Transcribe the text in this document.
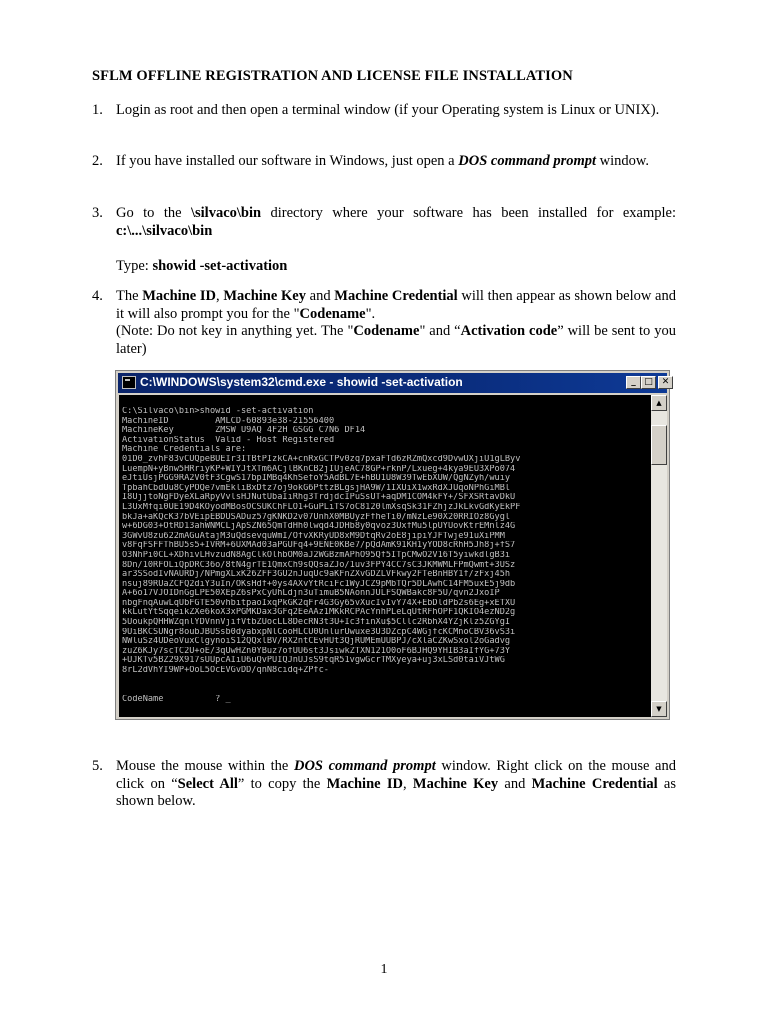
SFLM OFFLINE REGISTRATION AND LICENSE FILE INSTALLATION
1. Login as root and then open a terminal window (if your Operating system is Linux or UNIX).

2. If you have installed our software in Windows, just open a DOS command prompt window.

3. Go to the \silvaco\bin directory where your software has been installed for example: c:\...\silvaco\bin

Type: showid -set-activation

4. The Machine ID, Machine Key and Machine Credential will then appear as shown below and it will also prompt you for the "Codename".

(Note: Do not key in anything yet. The "Codename" and “Activation code” will be sent to you later)

C:\WINDOWS\system32\cmd.exe - showid -set-activation	_ □ ✕
C:\Silvaco\bin>showid -set-activation
MachineID         AMLCD-60893e38-21556400
MachineKey        ZMSW U9AQ 4F2H GSGG C7N6 DF14
ActivationStatus  Valid - Host Registered
Machine Credentials are:
01D0_zvhF83vCUQpeBUEIr3ITBtPIzkCA+cnRxGCTPv0zq7pxaFTd6zRZmQxcd9DvwUXjiU1gLByv
LuempN+yBnw5HRriyKP+WIYJtXTm6ACjlBKnCB2jIUjeAC78GP+rknP/Lxueg+4kya9EU3XPo074
eJtiUsjPGG9RA2V0tF3CgwS17bpIMBq4KhSefoY5AdBL7E+hBU1U8W39TwEbXUW/QgNZyh/wuiy
TpbahCbdUu8CyPOQe7vmEkliBxDtz7oj9okG6PttzBLgsjHA9W/1IXUiX1wxRdXJUqoNPhGiMBl
I8UjjtoNgFDyeXLaRpyVvlsHJNutUbaIiRhg3TrdjdcIPuSsUT+aqDM1COM4kFY+/SFXSRtavDkU
L3UxMfqi0UE19D4KOyodMBosOCSUKChFLO1+GuPLiTS7oC8120lmXsqSk31FZhjzJkLkvGdKyEkPF
bkJa+aKQcK37bVEipEBDUSADuz57gKNKD2v07UnhX0MBUyzFfheTi0/mNzLe90X20RRIOz8Gygl
w+6DG03+OtRD13ahWNMCLjApSZN65QmTdHh0lwqd4JDHb8y0qvoz3UxfMu5lpUYUovKtrEMnlz4G
3GWvU8zu622mAGuAtajM3uQdsevquWmI/OfvXKRyUD8xM9DtqRv2oE8jipiYJFTwje91uXiPMM
v8FqFSFFThBU5s5+IVRM+6UXMAd03aPGUFq4+9ENE0KBe7/pQdAmK91KH1yYOD8cRhH5Jh8j+fS7
O3NhPi0CL+XDhivLHvzudN8AgClkOlhbOM0aJ2WGBzmAPhO95Qf5ITpCMwO2V16T5yiwkdlgB3i
8Dn/10RFOLiQpDRC36o/8tN4grTE1QmxCh9sQQsaZJo/1uv3FPY4CC7sC3JKMWMLFPmQwmt+3USz
ar3SSodIvNAURDj/NPmgXLxK26ZFF3GU2nJuqUc9aKFnZXvGDZLVFkwy2FTeBnHBY1f/zFxj45h
nsuj89RUaZCFQ2diY3uIn/OKsHdf+0ys4AXvYtRciFc1WyJCZ9pMbTQr5DLAwhC14FM5uxE5j9db
A+6o17VJOIDnGgLPE50XEpZ6sPxCyUhLdjn3uTimuB5NAonnJULFSQWBakc8F5U/qvn2JxoIP
nbgFnqAuwLqUbFGTE50vhbitpaoIxqPkGK2qFr4G3Gy65vXucIvIvY74X+EbDldPb2s6Eg+xETXU
kkLutYtSqqeikZXe6koX3xPGMKDax3GFq2EeAAz1MKkRCPAcYnhPLeLqUtRFhOPF1QKIO4ezND2g
5UoukpQHHWZqnlYDVnnVjifVtbZUocLL8DecRN3t3U+Ic3finXu$5Cllc2RbhX4YZjKlz5ZGYgI
9UiBKCSUNgr8oubJBUSsb0dyabxpNlCooHLCU0UnlurUwuxe3U3DZcpC4WGjfcKCMnoCBV36vS3i
NWluSz4UDeoVuxClgynoiS12QQxlBV/RX2ntCEvHUt3QjRUMEmUUBPJ/cXlaCZKwSxol2oGadvg
zuZ6KJy7scTC2U+oE/3qUwHZn0YBuz7ofUU6st3JsiwkZTXN121O0oF6BJHQ9YHIB3aIfYG+73Y
+UJKTv5BZ29X917sUUpcAIiU6uQvPUIQJnUJsS9tqR51vgwGcrTMXyeya+uj3xLSd0taiVJtWG
8rL2dVhYI9WP+OoL5OcEVGvDD/qnN8cidq+ZPfc-
CodeName          ? _
▲
▼
5. Mouse the mouse within the DOS command prompt window. Right click on the mouse and click on “Select All” to copy the Machine ID, Machine Key and Machine Credential as shown below.

1
